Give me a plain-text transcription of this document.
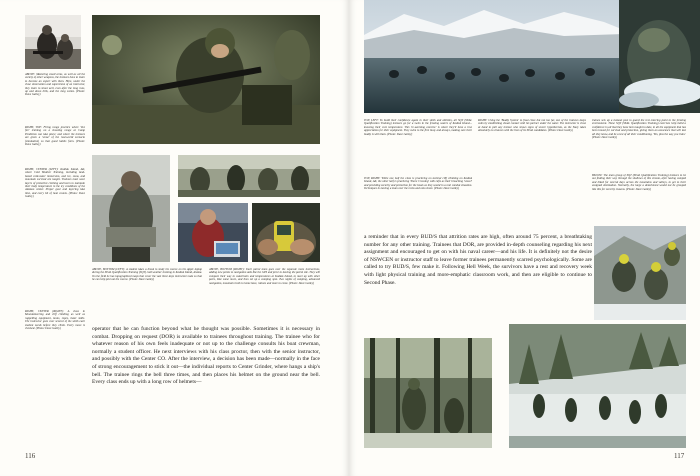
ABOVE: Mastering small arms, as well as all the variety of other weapons, the trainees have to learn to become an expert with them. Here, under the close observation and supervision of an instructor, they learn to shoot well, even after the long runs, up and down hills, and the long swims. (Photo: Dave Gatley)
RIGHT, TOP: Firing range practice where 'live fire' training on a shooting range at Camp Pendleton can take place; and where the trainees are given a 'sense' of the real-world scenario (simulation) so that good habits form. (Photo: Dave Gatley)
RIGHT, CENTER (LEFT): Kodiak Island, AK, where Cold Weather Training, including land-based cold-water immersion, and ice, snow, and mountain survival are taught. Trainees must wear layers of protective clothing and learn to maintain their body temperature in the icy conditions of the Alaskan winter. Proper gear and layering take time, and every bit of heat counts. (Photo: Dave Gatley)
RIGHT, CENTER (RIGHT): A class in Mountaineering and cliff climbing as well as rappelling equipment, knots, ropes, basic skills. The instructor goes over several of the skills each student needs before they climb. Every move is checked. (Photo: Dave Gatley)
ABOVE, BOTTOM (LEFT): A student takes a break to study his course on his Apple laptop during the SEAL Qualification Training (SQT) cold weather training in Kodiak Island, Alaska. On the field he has topographical maps that cover the vast three days instructors take so that he can help plot out the course. (Photo: Dave Gatley)
ABOVE, BOTTOM (RIGHT): Each patrol team goes over the separate route instructions, adding new points to navigation aids like the GPS and prior to leaving the patrol site. They will compare their way to waterholes and temperatures at Kodiak Island, to meet up with other pairs, hike some more, and then set up a camping spot. Two nights of camping, advanced navigation, mountain trails to home base, rations and more to come. (Photo: Dave Gatley)
operator that he can function beyond what he thought was possible. Sometimes it is necessary in combat. Dropping on request (DOR) is available to trainees throughout training. The trainee who for whatever reason of his own feels inadequate or not up to the challenge consults his boat crewman, normally a student officer. He next interviews with his class proctor, then with the senior instructor, and possibly with the Center CO. After the interview, a decision has been made—normally in the face of strong encouragement to stick it out—the individual reports to Center Grinder, where hangs a ship's bell. The trainee rings the bell three times, and then places his helmet on the ground near the bell. Every class ends up with a long row of helmets—
116
TOP, LEFT: To build their confidence again in their skills and abilities, all SQT (SEAL Qualification Training) trainees go for a swim in the freezing waters of Kodiak Island—knowing their core temperature. This 're-warming exercise' is where they'll have a true appreciation for their equipment. They swim to the first buoy and always, making sure their buddy is with them. (Photo: Dave Gatley)
TOP, RIGHT: While one half the class is practicing on tactical cliff climbing on Kodiak Island, AK, the other half is practicing 'Shore Crossing' with rafts as their breaching 'vessel' and providing security and protection for the boats as they would in a real combat situation. Techniques in moving a team over the rocks and onto shore. (Photo: Dave Gatley)
RIGHT: Using the 'Buddy System' to float close but not too far, one of the trainees keeps calm by establishing visual contact with his partner under the water. The instructor is close at hand to pull any trainee who shows signs of severe hypothermia, as the Navy takes absolutely no chances with the lives of its SEAL candidates. (Photo: Dave Gatley)
trainee sets up a lookout post to guard the rest entering point to the freezing environment. These SQT (SEAL Qualification Training) exercises help build a confidence in all that they have been taught to date, in all the equipment that has been issued for survival and protection, giving them an assurance that will last all they know, and be a test of all their conditioning. 'Yes, plus the way you train.' (Photo: Dave Gatley)
BELOW: The team group of SQT (SEAL Qualification Training) trainees to be out finding their way through the shallows of this stream, after having camped and hiked for several days across the mountains and valleys, to get to their assigned destination. Normally, the large a detachment would not be grouped like this for security reasons. (Photo: Dave Gatley)
a reminder that in every BUD/S that attrition rates are high, often around 75 percent, a breathtaking number for any other training. Trainees that DOR, are provided in-depth counseling regarding his next assignment and encouraged to get on with his naval career—and his life. It is definitely not the desire of NSWCEN or instructor staff to leave former trainees permanently scarred psychologically. Some are called to try BUD/S, few make it. Following Hell Week, the survivors have a rest and recovery week with light physical training and more-emphatic classroom work, and then are eligible to continue to Second Phase.
117
